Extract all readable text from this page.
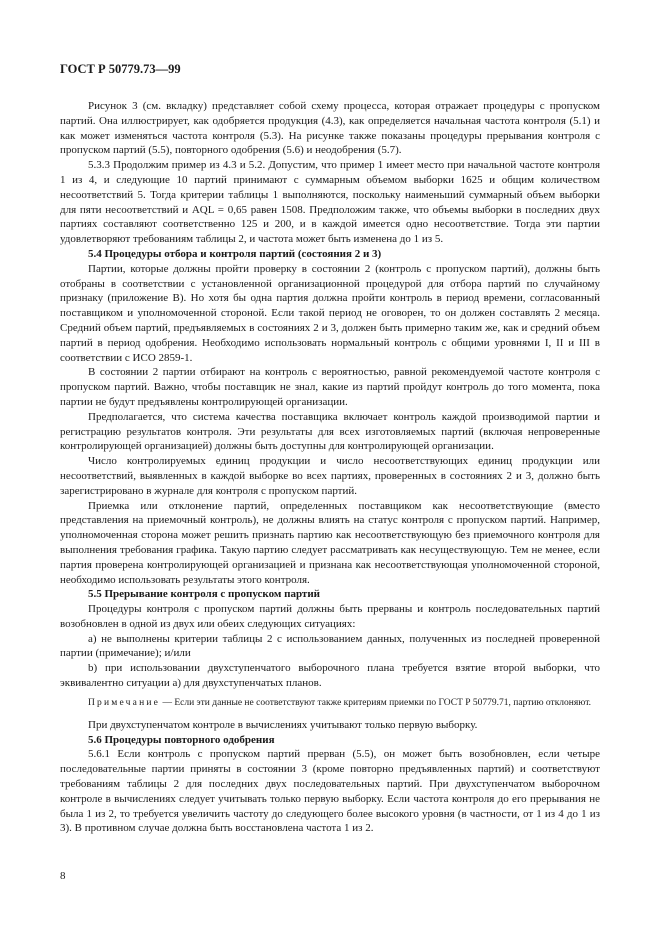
ГОСТ Р 50779.73—99

Рисунок 3 (см. вкладку) представляет собой схему процесса, которая отражает процедуры с пропуском партий. Она иллюстрирует, как одобряется продукция (4.3), как определяется начальная частота контроля (5.1) и как может изменяться частота контроля (5.3). На рисунке также показаны процедуры прерывания контроля с пропуском партий (5.5), повторного одобрения (5.6) и неодобрения (5.7).

5.3.3 Продолжим пример из 4.3 и 5.2. Допустим, что пример 1 имеет место при начальной частоте контроля 1 из 4, и следующие 10 партий принимают с суммарным объемом выборки 1625 и общим количеством несоответствий 5. Тогда критерии таблицы 1 выполняются, поскольку наименьший суммарный объем выборки для пяти несоответствий и AQL = 0,65 равен 1508. Предположим также, что объемы выборки в последних двух партиях составляют соответственно 125 и 200, и в каждой имеется одно несоответствие. Тогда эти партии удовлетворяют требованиям таблицы 2, и частота может быть изменена до 1 из 5.

5.4 Процедуры отбора и контроля партий (состояния 2 и 3)

Партии, которые должны пройти проверку в состоянии 2 (контроль с пропуском партий), должны быть отобраны в соответствии с установленной организационной процедурой для отбора партий по случайному признаку (приложение В). Но хотя бы одна партия должна пройти контроль в период времени, согласованный поставщиком и уполномоченной стороной. Если такой период не оговорен, то он должен составлять 2 месяца. Средний объем партий, предъявляемых в состояниях 2 и 3, должен быть примерно таким же, как и средний объем партий в период одобрения. Необходимо использовать нормальный контроль с общими уровнями I, II и III в соответствии с ИСО 2859-1.

В состоянии 2 партии отбирают на контроль с вероятностью, равной рекомендуемой частоте контроля с пропуском партий. Важно, чтобы поставщик не знал, какие из партий пройдут контроль до того момента, пока партии не будут предъявлены контролирующей организации.

Предполагается, что система качества поставщика включает контроль каждой производимой партии и регистрацию результатов контроля. Эти результаты для всех изготовляемых партий (включая непроверенные контролирующей организацией) должны быть доступны для контролирующей организации.

Число контролируемых единиц продукции и число несоответствующих единиц продукции или несоответствий, выявленных в каждой выборке во всех партиях, проверенных в состояниях 2 и 3, должно быть зарегистрировано в журнале для контроля с пропуском партий.

Приемка или отклонение партий, определенных поставщиком как несоответствующие (вместо представления на приемочный контроль), не должны влиять на статус контроля с пропуском партий. Например, уполномоченная сторона может решить признать партию как несоответствующую без приемочного контроля для выполнения требования графика. Такую партию следует рассматривать как несуществующую. Тем не менее, если партия проверена контролирующей организацией и признана как несоответствующая уполномоченной стороной, необходимо использовать результаты этого контроля.

5.5 Прерывание контроля с пропуском партий

Процедуры контроля с пропуском партий должны быть прерваны и контроль последовательных партий возобновлен в одной из двух или обеих следующих ситуациях:

а) не выполнены критерии таблицы 2 с использованием данных, полученных из последней проверенной партии (примечание); и/или

b) при использовании двухступенчатого выборочного плана требуется взятие второй выборки, что эквивалентно ситуации а) для двухступенчатых планов.

Примечание — Если эти данные не соответствуют также критериям приемки по ГОСТ Р 50779.71, партию отклоняют.

При двухступенчатом контроле в вычислениях учитывают только первую выборку.

5.6 Процедуры повторного одобрения

5.6.1 Если контроль с пропуском партий прерван (5.5), он может быть возобновлен, если четыре последовательные партии приняты в состоянии 3 (кроме повторно предъявленных партий) и соответствуют требованиям таблицы 2 для последних двух последовательных партий. При двухступенчатом выборочном контроле в вычислениях следует учитывать только первую выборку. Если частота контроля до его прерывания не была 1 из 2, то требуется увеличить частоту до следующего более высокого уровня (в частности, от 1 из 4 до 1 из 3). В противном случае должна быть восстановлена частота 1 из 2.

8
